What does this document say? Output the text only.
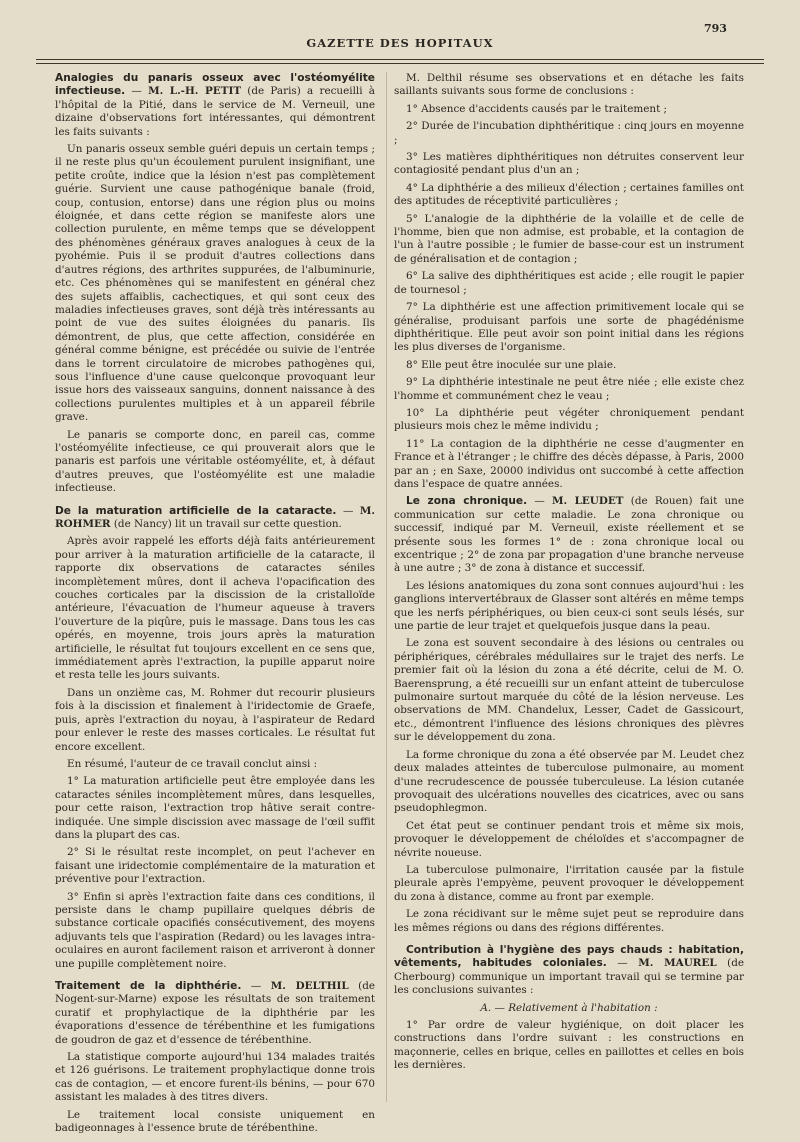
793
GAZETTE DES HOPITAUX

Analogies du panaris osseux avec l'ostéomyélite infectieuse. — M. L.-H. PETIT (de Paris) a recueilli à l'hôpital de la Pitié, dans le service de M. Verneuil, une dizaine d'observations fort intéressantes, qui démontrent les faits suivants :

Un panaris osseux semble guéri depuis un certain temps ; il ne reste plus qu'un écoulement purulent insignifiant, une petite croûte, indice que la lésion n'est pas complètement guérie. Survient une cause pathogénique banale (froid, coup, contusion, entorse) dans une région plus ou moins éloignée, et dans cette région se manifeste alors une collection purulente, en même temps que se développent des phénomènes généraux graves analogues à ceux de la pyohémie. Puis il se produit d'autres collections dans d'autres régions, des arthrites suppurées, de l'albuminurie, etc. Ces phénomènes qui se manifestent en général chez des sujets affaiblis, cachectiques, et qui sont ceux des maladies infectieuses graves, sont déjà très intéressants au point de vue des suites éloignées du panaris. Ils démontrent, de plus, que cette affection, considérée en général comme bénigne, est précédée ou suivie de l'entrée dans le torrent circulatoire de microbes pathogènes qui, sous l'influence d'une cause quelconque provoquant leur issue hors des vaisseaux sanguins, donnent naissance à des collections purulentes multiples et à un appareil fébrile grave.

Le panaris se comporte donc, en pareil cas, comme l'ostéomyélite infectieuse, ce qui prouverait alors que le panaris est parfois une véritable ostéomyélite, et, à défaut d'autres preuves, que l'ostéomyélite est une maladie infectieuse.

De la maturation artificielle de la cataracte. — M. ROHMER (de Nancy) lit un travail sur cette question.

Après avoir rappelé les efforts déjà faits antérieurement pour arriver à la maturation artificielle de la cataracte, il rapporte dix observations de cataractes séniles incomplètement mûres, dont il acheva l'opacification des couches corticales par la discission de la cristalloïde antérieure, l'évacuation de l'humeur aqueuse à travers l'ouverture de la piqûre, puis le massage. Dans tous les cas opérés, en moyenne, trois jours après la maturation artificielle, le résultat fut toujours excellent en ce sens que, immédiatement après l'extraction, la pupille apparut noire et resta telle les jours suivants.

Dans un onzième cas, M. Rohmer dut recourir plusieurs fois à la discission et finalement à l'iridectomie de Graefe, puis, après l'extraction du noyau, à l'aspirateur de Redard pour enlever le reste des masses corticales. Le résultat fut encore excellent.

En résumé, l'auteur de ce travail conclut ainsi :

1° La maturation artificielle peut être employée dans les cataractes séniles incomplètement mûres, dans lesquelles, pour cette raison, l'extraction trop hâtive serait contre-indiquée. Une simple discission avec massage de l'œil suffit dans la plupart des cas.

2° Si le résultat reste incomplet, on peut l'achever en faisant une iridectomie complémentaire de la maturation et préventive pour l'extraction.

3° Enfin si après l'extraction faite dans ces conditions, il persiste dans le champ pupillaire quelques débris de substance corticale opacifiés consécutivement, des moyens adjuvants tels que l'aspiration (Redard) ou les lavages intra-oculaires en auront facilement raison et arriveront à donner une pupille complètement noire.

Traitement de la diphthérie. — M. DELTHIL (de Nogent-sur-Marne) expose les résultats de son traitement curatif et prophylactique de la diphthérie par les évaporations d'essence de térébenthine et les fumigations de goudron de gaz et d'essence de térébenthine.

La statistique comporte aujourd'hui 134 malades traités et 126 guérisons. Le traitement prophylactique donne trois cas de contagion, — et encore furent-ils bénins, — pour 670 assistant les malades à des titres divers.

Le traitement local consiste uniquement en badigeonnages à l'essence brute de térébenthine.

M. Delthil résume ses observations et en détache les faits saillants suivants sous forme de conclusions :

1° Absence d'accidents causés par le traitement ;

2° Durée de l'incubation diphthéritique : cinq jours en moyenne ;

3° Les matières diphthéritiques non détruites conservent leur contagiosité pendant plus d'un an ;

4° La diphthérie a des milieux d'élection ; certaines familles ont des aptitudes de réceptivité particulières ;

5° L'analogie de la diphthérie de la volaille et de celle de l'homme, bien que non admise, est probable, et la contagion de l'un à l'autre possible ; le fumier de basse-cour est un instrument de généralisation et de contagion ;

6° La salive des diphthéritiques est acide ; elle rougit le papier de tournesol ;

7° La diphthérie est une affection primitivement locale qui se généralise, produisant parfois une sorte de phagédénisme diphthéritique. Elle peut avoir son point initial dans les régions les plus diverses de l'organisme.

8° Elle peut être inoculée sur une plaie.

9° La diphthérie intestinale ne peut être niée ; elle existe chez l'homme et communément chez le veau ;

10° La diphthérie peut végéter chroniquement pendant plusieurs mois chez le même individu ;

11° La contagion de la diphthérie ne cesse d'augmenter en France et à l'étranger ; le chiffre des décès dépasse, à Paris, 2000 par an ; en Saxe, 20000 individus ont succombé à cette affection dans l'espace de quatre années.

Le zona chronique. — M. LEUDET (de Rouen) fait une communication sur cette maladie. Le zona chronique ou successif, indiqué par M. Verneuil, existe réellement et se présente sous les formes 1° de : zona chronique local ou excentrique ; 2° de zona par propagation d'une branche nerveuse à une autre ; 3° de zona à distance et successif.

Les lésions anatomiques du zona sont connues aujourd'hui : les ganglions intervertébraux de Glasser sont altérés en même temps que les nerfs périphériques, ou bien ceux-ci sont seuls lésés, sur une partie de leur trajet et quelquefois jusque dans la peau.

Le zona est souvent secondaire à des lésions ou centrales ou périphériques, cérébrales médullaires sur le trajet des nerfs. Le premier fait où la lésion du zona a été décrite, celui de M. O. Baerensprung, a été recueilli sur un enfant atteint de tuberculose pulmonaire surtout marquée du côté de la lésion nerveuse. Les observations de MM. Chandelux, Lesser, Cadet de Gassicourt, etc., démontrent l'influence des lésions chroniques des plèvres sur le développement du zona.

La forme chronique du zona a été observée par M. Leudet chez deux malades atteintes de tuberculose pulmonaire, au moment d'une recrudescence de poussée tuberculeuse. La lésion cutanée provoquait des ulcérations nouvelles des cicatrices, avec ou sans pseudophlegmon.

Cet état peut se continuer pendant trois et même six mois, provoquer le développement de chéloïdes et s'accompagner de névrite noueuse.

La tuberculose pulmonaire, l'irritation causée par la fistule pleurale après l'empyème, peuvent provoquer le développement du zona à distance, comme au front par exemple.

Le zona récidivant sur le même sujet peut se reproduire dans les mêmes régions ou dans des régions différentes.

Contribution à l'hygiène des pays chauds : habitation, vêtements, habitudes coloniales. — M. MAUREL (de Cherbourg) communique un important travail qui se termine par les conclusions suivantes :

A. — Relativement à l'habitation :

1° Par ordre de valeur hygiénique, on doit placer les constructions dans l'ordre suivant : les constructions en maçonnerie, celles en brique, celles en paillottes et celles en bois les dernières.
